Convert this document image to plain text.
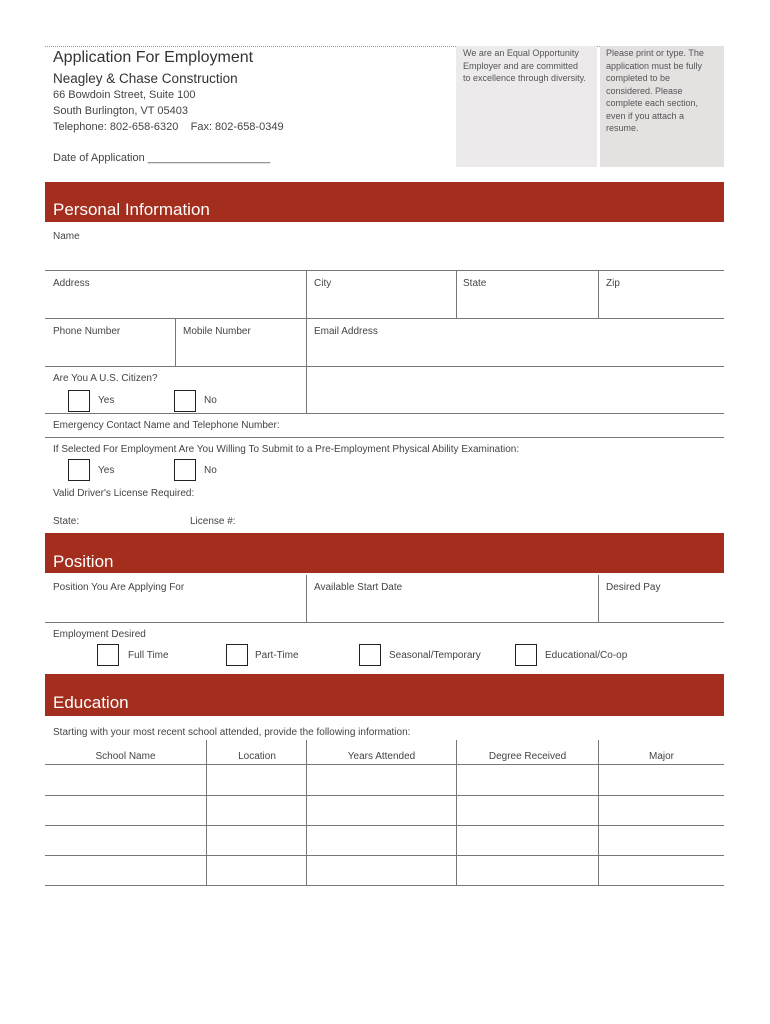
Application For Employment
Neagley & Chase Construction
66 Bowdoin Street, Suite 100
South Burlington, VT 05403
Telephone: 802-658-6320    Fax: 802-658-0349
Date of Application ____________________
We are an Equal Opportunity
Employer and are committed
to excellence through diversity.
Please print or type. The
application must be fully
completed to be
considered. Please
complete each section,
even if you attach a
resume.
Personal Information
Name
Address	City	State	Zip
Phone Number	Mobile Number	Email Address
Are You A U.S. Citizen?
Yes	No
Emergency Contact Name and Telephone Number:
If Selected For Employment Are You Willing To Submit to a Pre-Employment Physical Ability Examination:
Yes	No
Valid Driver's License Required:
State:	License #:
Position
Position You Are Applying For	Available Start Date	Desired Pay
Employment Desired
Full Time	Part-Time	Seasonal/Temporary	Educational/Co-op
Education
Starting with your most recent school attended, provide the following information:
School Name	Location	Years Attended	Degree Received	Major
